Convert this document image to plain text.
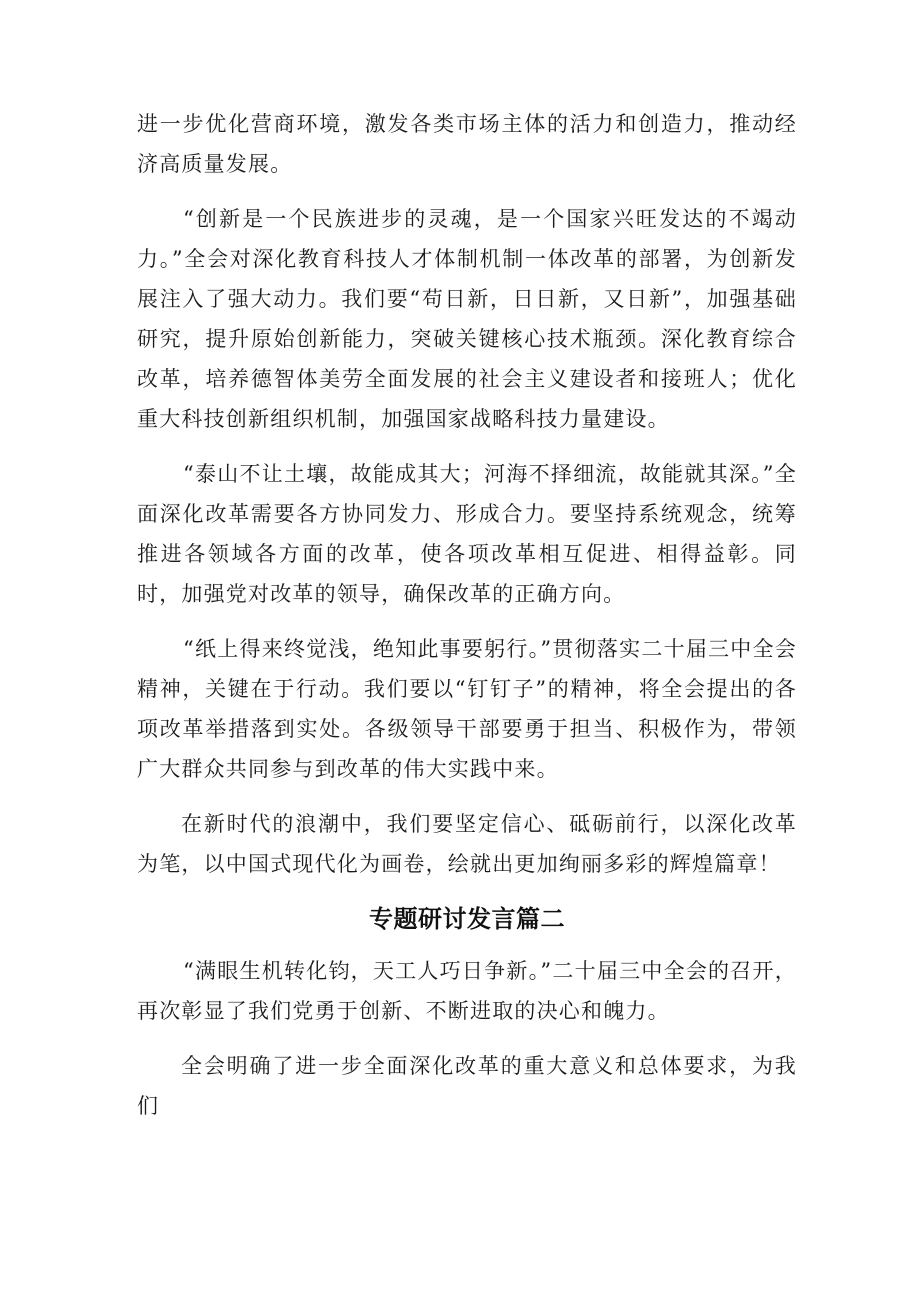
进一步优化营商环境，激发各类市场主体的活力和创造力，推动经济高质量发展。

“创新是一个民族进步的灵魂，是一个国家兴旺发达的不竭动力。”全会对深化教育科技人才体制机制一体改革的部署，为创新发展注入了强大动力。我们要“苟日新，日日新，又日新”，加强基础研究，提升原始创新能力，突破关键核心技术瓶颈。深化教育综合改革，培养德智体美劳全面发展的社会主义建设者和接班人；优化重大科技创新组织机制，加强国家战略科技力量建设。

“泰山不让土壤，故能成其大；河海不择细流，故能就其深。”全面深化改革需要各方协同发力、形成合力。要坚持系统观念，统筹推进各领域各方面的改革，使各项改革相互促进、相得益彰。同时，加强党对改革的领导，确保改革的正确方向。

“纸上得来终觉浅，绝知此事要躬行。”贯彻落实二十届三中全会精神，关键在于行动。我们要以“钉钉子”的精神，将全会提出的各项改革举措落到实处。各级领导干部要勇于担当、积极作为，带领广大群众共同参与到改革的伟大实践中来。

在新时代的浪潮中，我们要坚定信心、砥砺前行，以深化改革为笔，以中国式现代化为画卷，绘就出更加绚丽多彩的辉煌篇章！

专题研讨发言篇二

“满眼生机转化钧，天工人巧日争新。”二十届三中全会的召开，再次彰显了我们党勇于创新、不断进取的决心和魄力。

全会明确了进一步全面深化改革的重大意义和总体要求，为我们
